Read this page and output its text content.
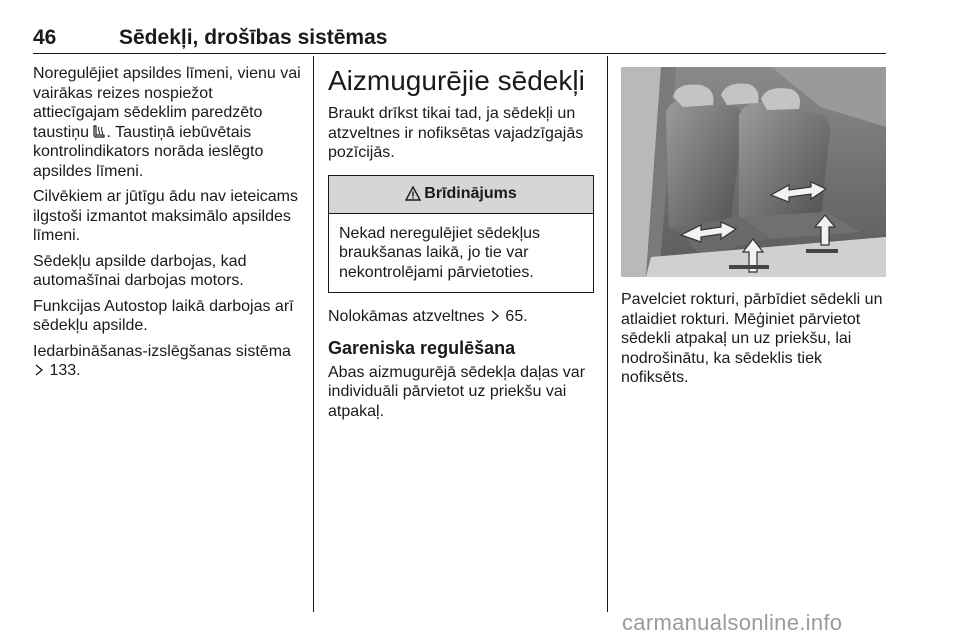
46	Sēdekļi, drošības sistēmas

Noregulējiet apsildes līmeni, vienu vai vairākas reizes nospiežot attiecīgajam sēdeklim paredzēto taustiņu . Taustiņā iebūvētais kontrolindikators norāda ieslēgto apsildes līmeni.

Cilvēkiem ar jūtīgu ādu nav ieteicams ilgstoši izmantot maksimālo apsildes līmeni.

Sēdekļu apsilde darbojas, kad automašīnai darbojas motors.

Funkcijas Autostop laikā darbojas arī sēdekļu apsilde.

Iedarbināšanas-izslēgšanas sistēma
133.

Aizmugurējie sēdekļi

Braukt drīkst tikai tad, ja sēdekļi un atzveltnes ir nofiksētas vajadzīgajās pozīcijās.

Brīdinājums
Nekad neregulējiet sēdekļus braukšanas laikā, jo tie var nekontrolējami pārvietoties.

Nolokāmas atzveltnes 65.

Gareniska regulēšana

Abas aizmugurējā sēdekļa daļas var individuāli pārvietot uz priekšu vai atpakaļ.

Pavelciet rokturi, pārbīdiet sēdekli un atlaidiet rokturi. Mēģiniet pārvietot sēdekli atpakaļ un uz priekšu, lai nodrošinātu, ka sēdeklis tiek nofiksēts.

carmanualsonline.info
